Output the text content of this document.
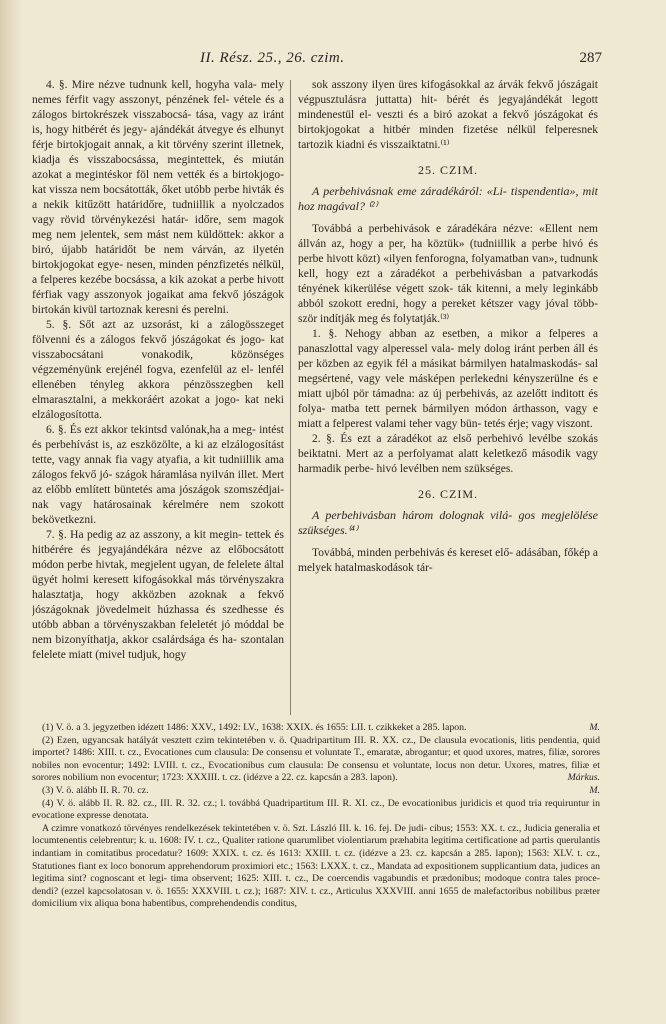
II. Rész. 25., 26. czim.	287

4. §. Mire nézve tudnunk kell, hogyha vala- mely nemes férfit vagy asszonyt, pénzének fel- vétele és a zálogos birtokrészek visszabocsá- tása, vagy az iránt is, hogy hitbérét és jegy- ajándékát átvegye és elhunyt férje birtokjogait annak, a kit törvény szerint illetnek, kiadja és visszabocsássa, megintettek, és miután azokat a megintéskor föl nem vették és a birtokjogo- kat vissza nem bocsátották, őket utóbb perbe hivták és a nekik kitűzött határidőre, tudniillik a nyolczados vagy rövid törvénykezési határ- időre, sem magok meg nem jelentek, sem mást nem küldöttek: akkor a biró, újabb határidőt be nem várván, az ilyetén birtokjogokat egye- nesen, minden pénzfizetés nélkül, a felperes kezébe bocsássa, a kik azokat a perbe hivott férfiak vagy asszonyok jogaikat ama fekvő jószágok birtokán kivül tartoznak keresni és perelni.

5. §. Sőt azt az uzsorást, ki a zálogösszeget fölvenni és a zálogos fekvő jószágokat és jogo- kat visszabocsátani vonakodik, közönséges végzeményünk erejénél fogva, ezenfelül az el- lenfél ellenében tényleg akkora pénzösszegben kell elmarasztalni, a mekkoráért azokat a jogo- kat neki elzálogosította.

6. §. És ezt akkor tekintsd valónak,ha a meg- intést és perbehívást is, az eszközölte, a ki az elzálogosítást tette, vagy annak fia vagy atyafia, a kit tudniillik ama zálogos fekvő jó- szágok háramlása nyilván illet. Mert az előbb említett büntetés ama jószágok szomszédjai- nak vagy határosainak kérelmére nem szokott bekövetkezni.

7. §. Ha pedig az az asszony, a kit megin- tettek és hitbérére és jegyajándékára nézve az előbocsátott módon perbe hivtak, megjelent ugyan, de felelete által ügyét holmi keresett kifogásokkal más törvényszakra halasztatja, hogy akközben azoknak a fekvő jószágoknak jövedelmeit húzhassa és szedhesse és utóbb abban a törvényszakban feleletét jó móddal be nem bizonyíthatja, akkor csalárdsága és ha- szontalan felelete miatt (mivel tudjuk, hogy

sok asszony ilyen üres kifogásokkal az árvák fekvő jószágait végpusztulásra juttatta) hit- bérét és jegyajándékát legott mindenestül el- veszti és a biró azokat a fekvő jószágokat és birtokjogokat a hitbér minden fizetése nélkül felperesnek tartozik kiadni és visszaiktatni.⁽¹⁾

25. CZIM.

A perbehivásnak eme záradékáról: «Li- tispendentia», mit hoz magával? ⁽²⁾

Továbbá a perbehivások e záradékára nézve: «Ellent nem állván az, hogy a per, ha köztük» (tudniillik a perbe hivó és perbe hivott közt) «ilyen fenforogna, folyamatban van», tudnunk kell, hogy ezt a záradékot a perbehivásban a patvarkodás tényének kikerülése végett szok- ták kitenni, a mely leginkább abból szokott eredni, hogy a pereket kétszer vagy jóval több- ször indítják meg és folytatják.⁽³⁾

1. §. Nehogy abban az esetben, a mikor a felperes a panaszlottal vagy alperessel vala- mely dolog iránt perben áll és per közben az egyik fél a másikat bármilyen hatalmaskodás- sal megsértené, vagy vele másképen perlekedni kényszerülne és e miatt ujból pör támadna: az új perbehivás, az azelőtt inditott és folya- matba tett pernek bármilyen módon árthasson, vagy e miatt a felperest valami teher vagy bün- tetés érje; vagy viszont.

2. §. És ezt a záradékot az első perbehivó levélbe szokás beiktatni. Mert az a perfolyamat alatt keletkező második vagy harmadik perbe- hivó levélben nem szükséges.

26. CZIM.

A perbehivásban három dolognak vilá- gos megjelölése szükséges.⁽⁴⁾

Továbbá, minden perbehivás és kereset elő- adásában, főkép a melyek hatalmaskodások tár-

(1) V. ö. a 3. jegyzetben idézett 1486: XXV., 1492: LV., 1638: XXIX. és 1655: LII. t. czikkeket a 285. lapon.	M.

(2) Ezen, ugyancsak hatályát vesztett czim tekintetében v. ö. Quadripartitum III. R. XX. cz., De clausula evocationis, litis pendentia, quid importet? 1486: XIII. t. cz., Evocationes cum clausula: De consensu et voluntate T., emaratæ, abrogantur; et quod uxores, matres, filiæ, sorores nobiles non evocentur; 1492: LVIII. t. cz., Evocationibus cum clausula: De consensu et voluntate, locus non detur. Uxores, matres, filiæ et sorores nobilium non evocentur; 1723: XXXIII. t. cz. (idézve a 22. cz. kapcsán a 283. lapon).	Márkus.

(3) V. ö. alább II. R. 70. cz.	M.

(4) V. ö. alább II. R. 82. cz., III. R. 32. cz.; l. továbbá Quadripartitum III. R. XI. cz., De evocationibus juridicis et quod tria requiruntur in evocatione expresse denotata.

A czimre vonatkozó törvényes rendelkezések tekintetében v. ö. Szt. László III. k. 16. fej. De judi- cibus; 1553: XX. t. cz., Judicia generalia et locumtenentis celebrentur; k. u. 1608: IV. t. cz., Qualiter ratione quarumlibet violentiarum præhabita legitima certificatione ad partis querulantis indantiam in comitatibus procedatur? 1609: XXIX. t. cz. és 1613: XXIII. t. cz. (idézve a 23. cz. kapcsán a 285. lapon); 1563: XLV. t. cz., Statutiones fiant ex loco bonorum apprehendorum proximiori etc.; 1563: LXXX. t. cz., Mandata ad expositionem supplicantium data, judices an legitima sint? cognoscant et legi- tima observent; 1625: XIII. t. cz., De coercendis vagabundis et prædonibus; modoque contra tales proce- dendi? (ezzel kapcsolatosan v. ö. 1655: XXXVIII. t. cz.); 1687: XIV. t. cz., Articulus XXXVIII. anni 1655 de malefactoribus nobilibus præter domicilium vix aliqua bona habentibus, comprehendendis conditus,
